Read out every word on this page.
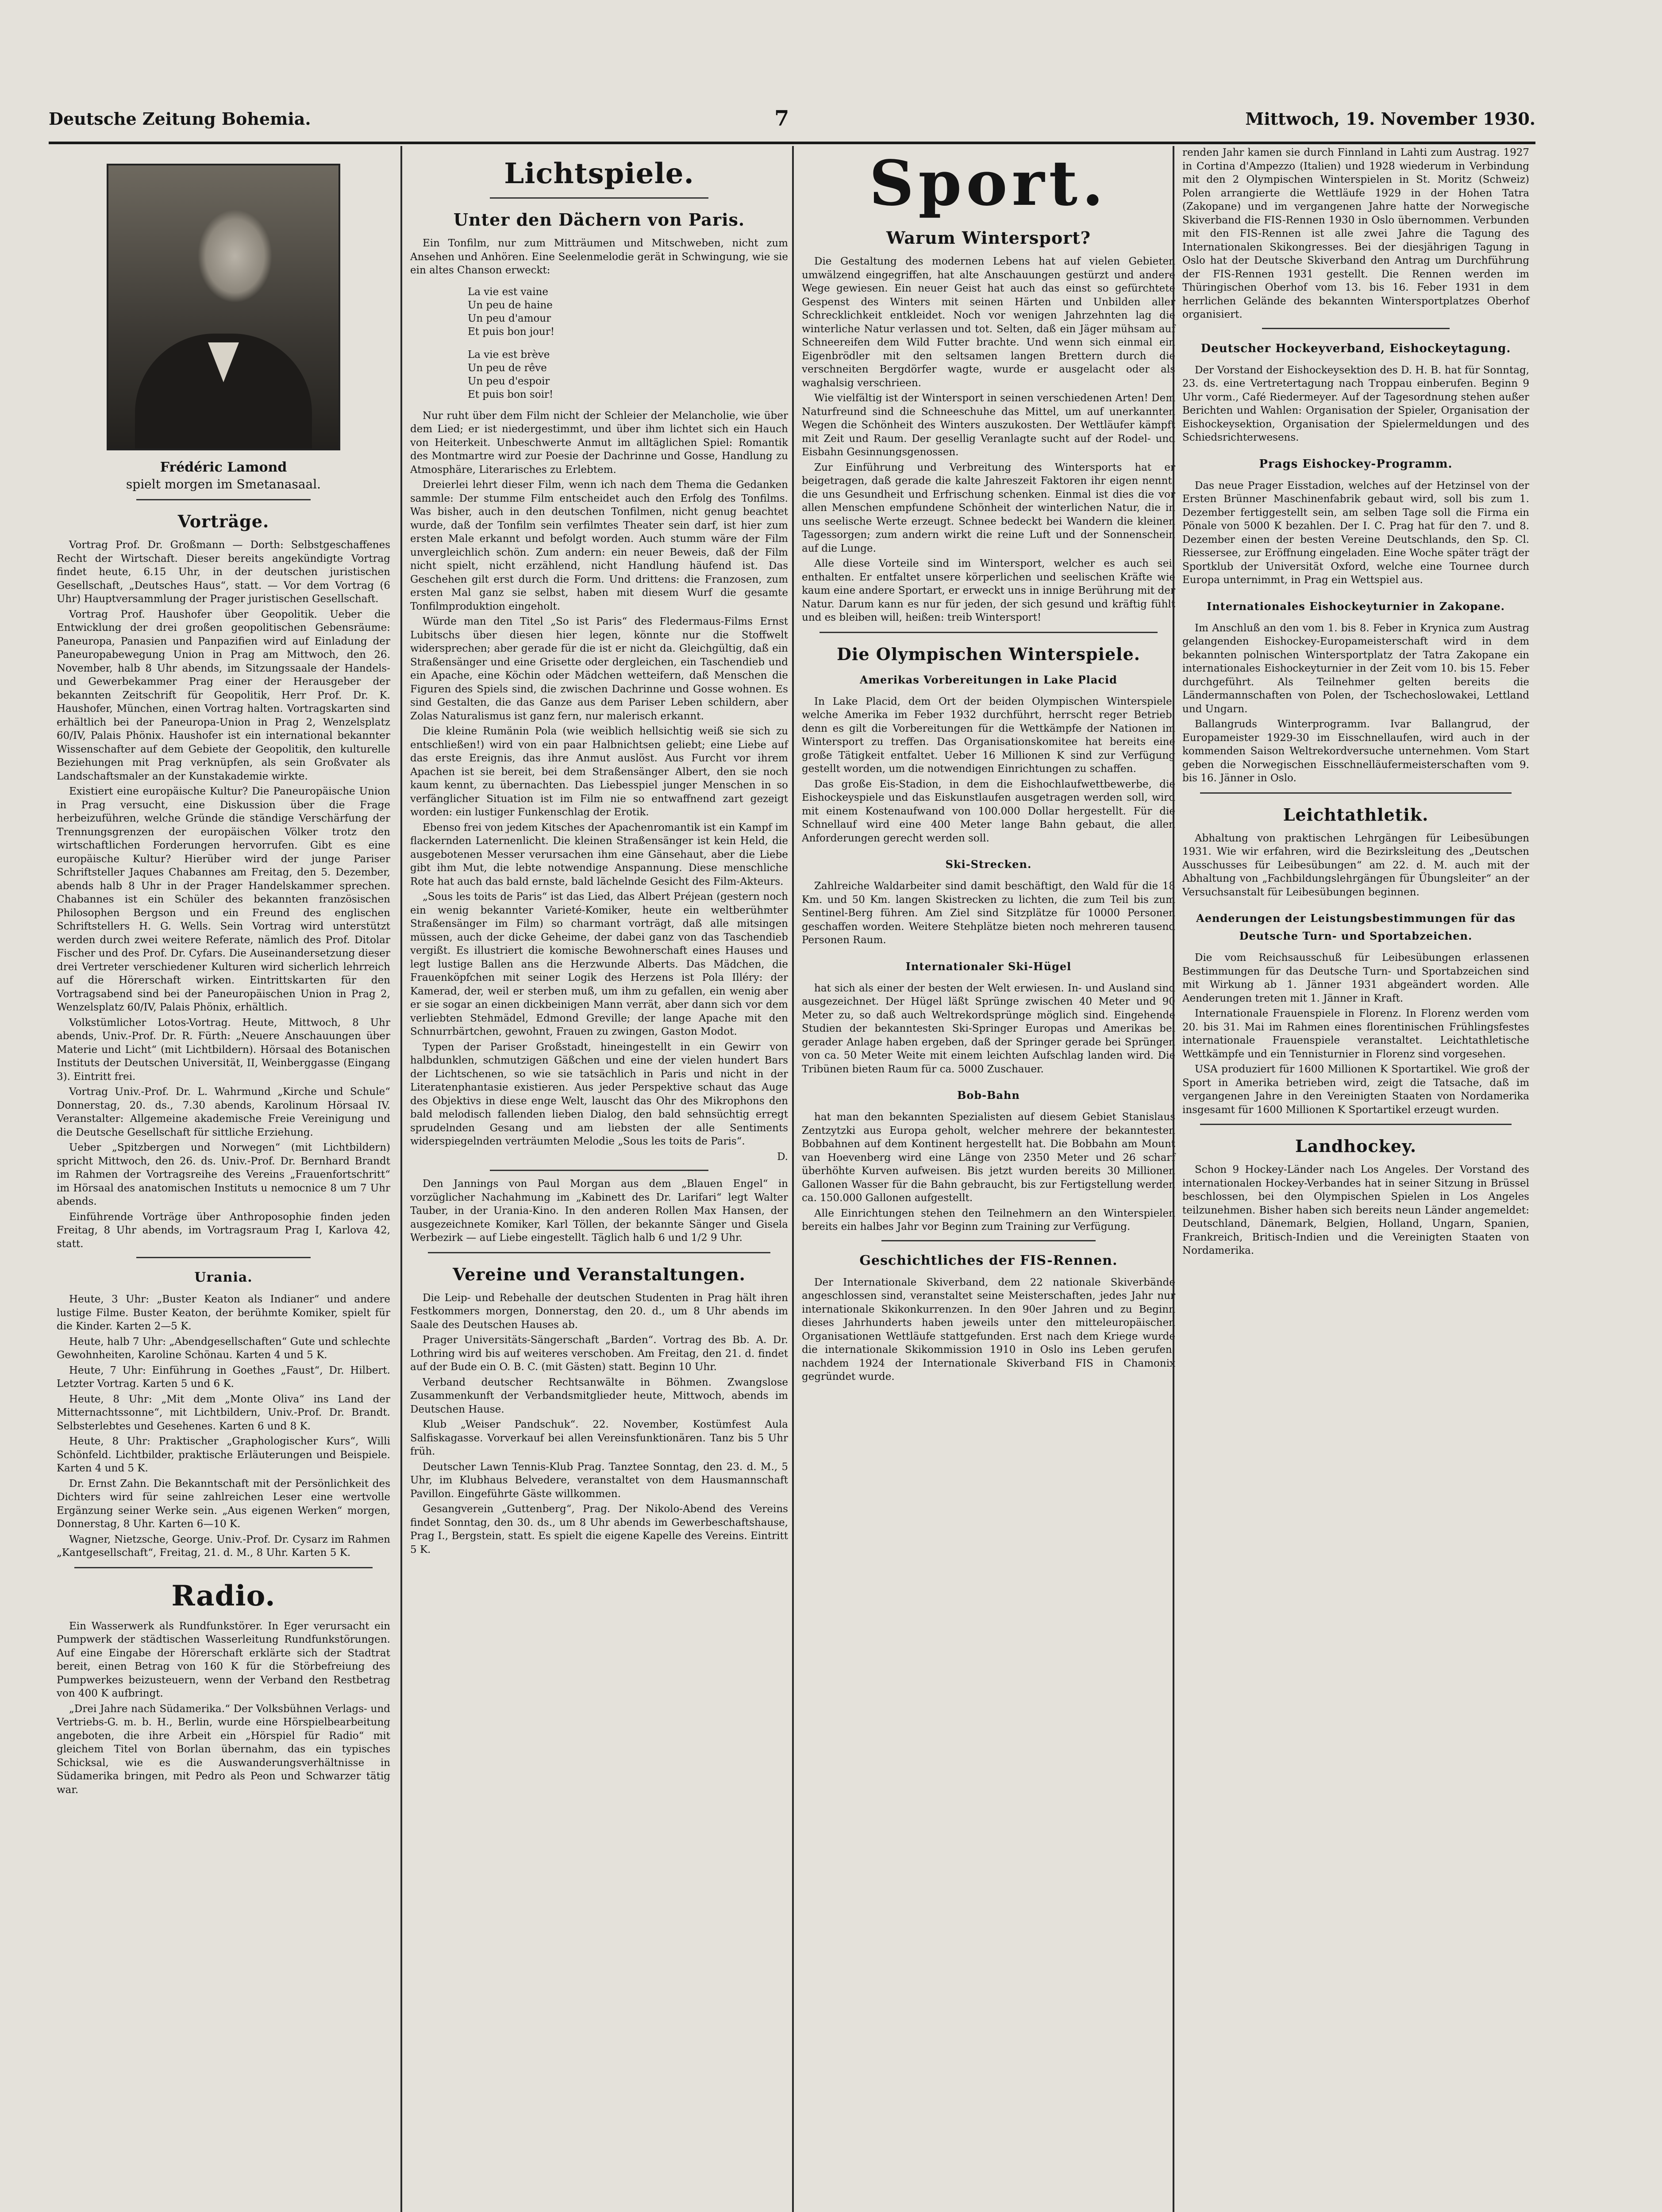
Deutsche Zeitung Bohemia.	7	Mittwoch, 19. November 1930.
Frédéric Lamond
spielt morgen im Smetanasaal.
Vorträge.

Vortrag Prof. Dr. Großmann — Dorth: Selbstgeschaffenes Recht der Wirtschaft. Dieser bereits angekündigte Vortrag findet heute, 6.15 Uhr, in der deutschen juristischen Gesellschaft, „Deutsches Haus“, statt. — Vor dem Vortrag (6 Uhr) Hauptversammlung der Prager juristischen Gesellschaft.

Vortrag Prof. Haushofer über Geopolitik. Ueber die Entwicklung der drei großen geopolitischen Gebensräume: Paneuropa, Panasien und Panpazifien wird auf Einladung der Paneuropabewegung Union in Prag am Mittwoch, den 26. November, halb 8 Uhr abends, im Sitzungssaale der Handels- und Gewerbekammer Prag einer der Herausgeber der bekannten Zeitschrift für Geopolitik, Herr Prof. Dr. K. Haushofer, München, einen Vortrag halten. Vortragskarten sind erhältlich bei der Paneuropa-Union in Prag 2, Wenzelsplatz 60/IV, Palais Phönix. Haushofer ist ein international bekannter Wissenschafter auf dem Gebiete der Geopolitik, den kulturelle Beziehungen mit Prag verknüpfen, als sein Großvater als Landschaftsmaler an der Kunstakademie wirkte.

Existiert eine europäische Kultur? Die Paneuropäische Union in Prag versucht, eine Diskussion über die Frage herbeizuführen, welche Gründe die ständige Verschärfung der Trennungsgrenzen der europäischen Völker trotz den wirtschaftlichen Forderungen hervorrufen. Gibt es eine europäische Kultur? Hierüber wird der junge Pariser Schriftsteller Jaques Chabannes am Freitag, den 5. Dezember, abends halb 8 Uhr in der Prager Handelskammer sprechen. Chabannes ist ein Schüler des bekannten französischen Philosophen Bergson und ein Freund des englischen Schriftstellers H. G. Wells. Sein Vortrag wird unterstützt werden durch zwei weitere Referate, nämlich des Prof. Ditolar Fischer und des Prof. Dr. Cyfars. Die Auseinandersetzung dieser drei Vertreter verschiedener Kulturen wird sicherlich lehrreich auf die Hörerschaft wirken. Eintrittskarten für den Vortragsabend sind bei der Paneuropäischen Union in Prag 2, Wenzelsplatz 60/IV, Palais Phönix, erhältlich.

Volkstümlicher Lotos-Vortrag. Heute, Mittwoch, 8 Uhr abends, Univ.-Prof. Dr. R. Fürth: „Neuere Anschauungen über Materie und Licht“ (mit Lichtbildern). Hörsaal des Botanischen Instituts der Deutschen Universität, II, Weinberggasse (Eingang 3). Eintritt frei.

Vortrag Univ.-Prof. Dr. L. Wahrmund „Kirche und Schule“ Donnerstag, 20. ds., 7.30 abends, Karolinum Hörsaal IV. Veranstalter: Allgemeine akademische Freie Vereinigung und die Deutsche Gesellschaft für sittliche Erziehung.

Ueber „Spitzbergen und Norwegen“ (mit Lichtbildern) spricht Mittwoch, den 26. ds. Univ.-Prof. Dr. Bernhard Brandt im Rahmen der Vortragsreihe des Vereins „Frauenfortschritt“ im Hörsaal des anatomischen Instituts u nemocnice 8 um 7 Uhr abends.

Einführende Vorträge über Anthroposophie finden jeden Freitag, 8 Uhr abends, im Vortragsraum Prag I, Karlova 42, statt.

Urania.

Heute, 3 Uhr: „Buster Keaton als Indianer“ und andere lustige Filme. Buster Keaton, der berühmte Komiker, spielt für die Kinder. Karten 2—5 K.

Heute, halb 7 Uhr: „Abendgesellschaften“ Gute und schlechte Gewohnheiten, Karoline Schönau. Karten 4 und 5 K.

Heute, 7 Uhr: Einführung in Goethes „Faust“, Dr. Hilbert. Letzter Vortrag. Karten 5 und 6 K.

Heute, 8 Uhr: „Mit dem „Monte Oliva“ ins Land der Mitternachtssonne“, mit Lichtbildern, Univ.-Prof. Dr. Brandt. Selbsterlebtes und Gesehenes. Karten 6 und 8 K.

Heute, 8 Uhr: Praktischer „Graphologischer Kurs“, Willi Schönfeld. Lichtbilder, praktische Erläuterungen und Beispiele. Karten 4 und 5 K.

Dr. Ernst Zahn. Die Bekanntschaft mit der Persönlichkeit des Dichters wird für seine zahlreichen Leser eine wertvolle Ergänzung seiner Werke sein. „Aus eigenen Werken“ morgen, Donnerstag, 8 Uhr. Karten 6—10 K.

Wagner, Nietzsche, George. Univ.-Prof. Dr. Cysarz im Rahmen „Kantgesellschaft“, Freitag, 21. d. M., 8 Uhr. Karten 5 K.

Radio.

Ein Wasserwerk als Rundfunkstörer. In Eger verursacht ein Pumpwerk der städtischen Wasserleitung Rundfunkstörungen. Auf eine Eingabe der Hörerschaft erklärte sich der Stadtrat bereit, einen Betrag von 160 K für die Störbefreiung des Pumpwerkes beizusteuern, wenn der Verband den Restbetrag von 400 K aufbringt.

„Drei Jahre nach Südamerika.“ Der Volksbühnen Verlags- und Vertriebs-G. m. b. H., Berlin, wurde eine Hörspielbearbeitung angeboten, die ihre Arbeit ein „Hörspiel für Radio“ mit gleichem Titel von Borlan übernahm, das ein typisches Schicksal, wie es die Auswanderungsverhältnisse in Südamerika bringen, mit Pedro als Peon und Schwarzer tätig war.

Lichtspiele.
Unter den Dächern von Paris.

Ein Tonfilm, nur zum Mitträumen und Mitschweben, nicht zum Ansehen und Anhören. Eine Seelenmelodie gerät in Schwingung, wie sie ein altes Chanson erweckt:

La vie est vaine
Un peu de haine
Un peu d'amour
Et puis bon jour!
La vie est brève
Un peu de rêve
Un peu d'espoir
Et puis bon soir!

Nur ruht über dem Film nicht der Schleier der Melancholie, wie über dem Lied; er ist niedergestimmt, und über ihm lichtet sich ein Hauch von Heiterkeit. Unbeschwerte Anmut im alltäglichen Spiel: Romantik des Montmartre wird zur Poesie der Dachrinne und Gosse, Handlung zu Atmosphäre, Literarisches zu Erlebtem.

Dreierlei lehrt dieser Film, wenn ich nach dem Thema die Gedanken sammle: Der stumme Film entscheidet auch den Erfolg des Tonfilms. Was bisher, auch in den deutschen Tonfilmen, nicht genug beachtet wurde, daß der Tonfilm sein verfilmtes Theater sein darf, ist hier zum ersten Male erkannt und befolgt worden. Auch stumm wäre der Film unvergleichlich schön. Zum andern: ein neuer Beweis, daß der Film nicht spielt, nicht erzählend, nicht Handlung häufend ist. Das Geschehen gilt erst durch die Form. Und drittens: die Franzosen, zum ersten Mal ganz sie selbst, haben mit diesem Wurf die gesamte Tonfilmproduktion eingeholt.

Würde man den Titel „So ist Paris“ des Fledermaus-Films Ernst Lubitschs über diesen hier legen, könnte nur die Stoffwelt widersprechen; aber gerade für die ist er nicht da. Gleichgültig, daß ein Straßensänger und eine Grisette oder dergleichen, ein Taschendieb und ein Apache, eine Köchin oder Mädchen wetteifern, daß Menschen die Figuren des Spiels sind, die zwischen Dachrinne und Gosse wohnen. Es sind Gestalten, die das Ganze aus dem Pariser Leben schildern, aber Zolas Naturalismus ist ganz fern, nur malerisch erkannt.

Die kleine Rumänin Pola (wie weiblich hellsichtig weiß sie sich zu entschließen!) wird von ein paar Halbnichtsen geliebt; eine Liebe auf das erste Ereignis, das ihre Anmut auslöst. Aus Furcht vor ihrem Apachen ist sie bereit, bei dem Straßensänger Albert, den sie noch kaum kennt, zu übernachten. Das Liebesspiel junger Menschen in so verfänglicher Situation ist im Film nie so entwaffnend zart gezeigt worden: ein lustiger Funkenschlag der Erotik.

Ebenso frei von jedem Kitsches der Apachenromantik ist ein Kampf im flackernden Laternenlicht. Die kleinen Straßensänger ist kein Held, die ausgebotenen Messer verursachen ihm eine Gänsehaut, aber die Liebe gibt ihm Mut, die lebte notwendige Anspannung. Diese menschliche Rote hat auch das bald ernste, bald lächelnde Gesicht des Film-Akteurs.

„Sous les toits de Paris“ ist das Lied, das Albert Préjean (gestern noch ein wenig bekannter Varieté-Komiker, heute ein weltberühmter Straßensänger im Film) so charmant vorträgt, daß alle mitsingen müssen, auch der dicke Geheime, der dabei ganz von das Taschendieb vergißt. Es illustriert die komische Bewohnerschaft eines Hauses und legt lustige Ballen ans die Herzwunde Alberts. Das Mädchen, die Frauenköpfchen mit seiner Logik des Herzens ist Pola Illéry: der Kamerad, der, weil er sterben muß, um ihm zu gefallen, ein wenig aber er sie sogar an einen dickbeinigen Mann verrät, aber dann sich vor dem verliebten Stehmädel, Edmond Greville; der lange Apache mit den Schnurrbärtchen, gewohnt, Frauen zu zwingen, Gaston Modot.

Typen der Pariser Großstadt, hineingestellt in ein Gewirr von halbdunklen, schmutzigen Gäßchen und eine der vielen hundert Bars der Lichtschenen, so wie sie tatsächlich in Paris und nicht in der Literatenphantasie existieren. Aus jeder Perspektive schaut das Auge des Objektivs in diese enge Welt, lauscht das Ohr des Mikrophons den bald melodisch fallenden lieben Dialog, den bald sehnsüchtig erregt sprudelnden Gesang und am liebsten der alle Sentiments widerspiegelnden verträumten Melodie „Sous les toits de Paris“.

D.

Den Jannings von Paul Morgan aus dem „Blauen Engel“ in vorzüglicher Nachahmung im „Kabinett des Dr. Larifari“ legt Walter Tauber, in der Urania-Kino. In den anderen Rollen Max Hansen, der ausgezeichnete Komiker, Karl Töllen, der bekannte Sänger und Gisela Werbezirk — auf Liebe eingestellt. Täglich halb 6 und 1/2 9 Uhr.

Vereine und Veranstaltungen.

Die Leip- und Rebehalle der deutschen Studenten in Prag hält ihren Festkommers morgen, Donnerstag, den 20. d., um 8 Uhr abends im Saale des Deutschen Hauses ab.

Prager Universitäts-Sängerschaft „Barden“. Vortrag des Bb. A. Dr. Lothring wird bis auf weiteres verschoben. Am Freitag, den 21. d. findet auf der Bude ein O. B. C. (mit Gästen) statt. Beginn 10 Uhr.

Verband deutscher Rechtsanwälte in Böhmen. Zwangslose Zusammenkunft der Verbandsmitglieder heute, Mittwoch, abends im Deutschen Hause.

Klub „Weiser Pandschuk“. 22. November, Kostümfest Aula Salfiskagasse. Vorverkauf bei allen Vereinsfunktionären. Tanz bis 5 Uhr früh.

Deutscher Lawn Tennis-Klub Prag. Tanztee Sonntag, den 23. d. M., 5 Uhr, im Klubhaus Belvedere, veranstaltet von dem Hausmannschaft Pavillon. Eingeführte Gäste willkommen.

Gesangverein „Guttenberg“, Prag. Der Nikolo-Abend des Vereins findet Sonntag, den 30. ds., um 8 Uhr abends im Gewerbeschaftshause, Prag I., Bergstein, statt. Es spielt die eigene Kapelle des Vereins. Eintritt 5 K.

Sport.
Warum Wintersport?

Die Gestaltung des modernen Lebens hat auf vielen Gebieten umwälzend eingegriffen, hat alte Anschauungen gestürzt und andere Wege gewiesen. Ein neuer Geist hat auch das einst so gefürchtete Gespenst des Winters mit seinen Härten und Unbilden aller Schrecklichkeit entkleidet. Noch vor wenigen Jahrzehnten lag die winterliche Natur verlassen und tot. Selten, daß ein Jäger mühsam auf Schneereifen dem Wild Futter brachte. Und wenn sich einmal ein Eigenbrödler mit den seltsamen langen Brettern durch die verschneiten Bergdörfer wagte, wurde er ausgelacht oder als waghalsig verschrieen.

Wie vielfältig ist der Wintersport in seinen verschiedenen Arten! Dem Naturfreund sind die Schneeschuhe das Mittel, um auf unerkannten Wegen die Schönheit des Winters auszukosten. Der Wettläufer kämpft mit Zeit und Raum. Der gesellig Veranlagte sucht auf der Rodel- und Eisbahn Gesinnungsgenossen.

Zur Einführung und Verbreitung des Wintersports hat er beigetragen, daß gerade die kalte Jahreszeit Faktoren ihr eigen nennt, die uns Gesundheit und Erfrischung schenken. Einmal ist dies die vor allen Menschen empfundene Schönheit der winterlichen Natur, die in uns seelische Werte erzeugt. Schnee bedeckt bei Wandern die kleinen Tagessorgen; zum andern wirkt die reine Luft und der Sonnenschein auf die Lunge.

Alle diese Vorteile sind im Wintersport, welcher es auch sei, enthalten. Er entfaltet unsere körperlichen und seelischen Kräfte wie kaum eine andere Sportart, er erweckt uns in innige Berührung mit der Natur. Darum kann es nur für jeden, der sich gesund und kräftig fühlt und es bleiben will, heißen: treib Wintersport!

Die Olympischen Winterspiele.
Amerikas Vorbereitungen in Lake Placid

In Lake Placid, dem Ort der beiden Olympischen Winterspiele, welche Amerika im Feber 1932 durchführt, herrscht reger Betrieb, denn es gilt die Vorbereitungen für die Wettkämpfe der Nationen im Wintersport zu treffen. Das Organisationskomitee hat bereits eine große Tätigkeit entfaltet. Ueber 16 Millionen K sind zur Verfügung gestellt worden, um die notwendigen Einrichtungen zu schaffen.

Das große Eis-Stadion, in dem die Eishochlaufwettbewerbe, die Eishockeyspiele und das Eiskunstlaufen ausgetragen werden soll, wird mit einem Kostenaufwand von 100.000 Dollar hergestellt. Für die Schnellauf wird eine 400 Meter lange Bahn gebaut, die allen Anforderungen gerecht werden soll.

Ski-Strecken.

Zahlreiche Waldarbeiter sind damit beschäftigt, den Wald für die 18 Km. und 50 Km. langen Skistrecken zu lichten, die zum Teil bis zum Sentinel-Berg führen. Am Ziel sind Sitzplätze für 10000 Personen geschaffen worden. Weitere Stehplätze bieten noch mehreren tausend Personen Raum.

Internationaler Ski-Hügel

hat sich als einer der besten der Welt erwiesen. In- und Ausland sind ausgezeichnet. Der Hügel läßt Sprünge zwischen 40 Meter und 90 Meter zu, so daß auch Weltrekordsprünge möglich sind. Eingehende Studien der bekanntesten Ski-Springer Europas und Amerikas bei gerader Anlage haben ergeben, daß der Springer gerade bei Sprüngen von ca. 50 Meter Weite mit einem leichten Aufschlag landen wird. Die Tribünen bieten Raum für ca. 5000 Zuschauer.

Bob-Bahn

hat man den bekannten Spezialisten auf diesem Gebiet Stanislaus Zentzytzki aus Europa geholt, welcher mehrere der bekanntesten Bobbahnen auf dem Kontinent hergestellt hat. Die Bobbahn am Mount van Hoevenberg wird eine Länge von 2350 Meter und 26 scharf überhöhte Kurven aufweisen. Bis jetzt wurden bereits 30 Millionen Gallonen Wasser für die Bahn gebraucht, bis zur Fertigstellung werden ca. 150.000 Gallonen aufgestellt.

Alle Einrichtungen stehen den Teilnehmern an den Winterspielen bereits ein halbes Jahr vor Beginn zum Training zur Verfügung.

Geschichtliches der FIS-Rennen.

Der Internationale Skiverband, dem 22 nationale Skiverbände angeschlossen sind, veranstaltet seine Meisterschaften, jedes Jahr nur internationale Skikonkurrenzen. In den 90er Jahren und zu Beginn dieses Jahrhunderts haben jeweils unter den mitteleuropäischen Organisationen Wettläufe stattgefunden. Erst nach dem Kriege wurde die internationale Skikommission 1910 in Oslo ins Leben gerufen, nachdem 1924 der Internationale Skiverband FIS in Chamonix gegründet wurde.

renden Jahr kamen sie durch Finnland in Lahti zum Austrag. 1927 in Cortina d'Ampezzo (Italien) und 1928 wiederum in Verbindung mit den 2 Olympischen Winterspielen in St. Moritz (Schweiz) Polen arrangierte die Wettläufe 1929 in der Hohen Tatra (Zakopane) und im vergangenen Jahre hatte der Norwegische Skiverband die FIS-Rennen 1930 in Oslo übernommen. Verbunden mit den FIS-Rennen ist alle zwei Jahre die Tagung des Internationalen Skikongresses. Bei der diesjährigen Tagung in Oslo hat der Deutsche Skiverband den Antrag um Durchführung der FIS-Rennen 1931 gestellt. Die Rennen werden im Thüringischen Oberhof vom 13. bis 16. Feber 1931 in dem herrlichen Gelände des bekannten Wintersportplatzes Oberhof organisiert.

Deutscher Hockeyverband, Eishockeytagung.

Der Vorstand der Eishockeysektion des D. H. B. hat für Sonntag, 23. ds. eine Vertretertagung nach Troppau einberufen. Beginn 9 Uhr vorm., Café Riedermeyer. Auf der Tagesordnung stehen außer Berichten und Wahlen: Organisation der Spieler, Organisation der Eishockeysektion, Organisation der Spielermeldungen und des Schiedsrichterwesens.

Prags Eishockey-Programm.

Das neue Prager Eisstadion, welches auf der Hetzinsel von der Ersten Brünner Maschinenfabrik gebaut wird, soll bis zum 1. Dezember fertiggestellt sein, am selben Tage soll die Firma ein Pönale von 5000 K bezahlen. Der I. C. Prag hat für den 7. und 8. Dezember einen der besten Vereine Deutschlands, den Sp. Cl. Riessersee, zur Eröffnung eingeladen. Eine Woche später trägt der Sportklub der Universität Oxford, welche eine Tournee durch Europa unternimmt, in Prag ein Wettspiel aus.

Internationales Eishockeyturnier in Zakopane.

Im Anschluß an den vom 1. bis 8. Feber in Krynica zum Austrag gelangenden Eishockey-Europameisterschaft wird in dem bekannten polnischen Wintersportplatz der Tatra Zakopane ein internationales Eishockeyturnier in der Zeit vom 10. bis 15. Feber durchgeführt. Als Teilnehmer gelten bereits die Ländermannschaften von Polen, der Tschechoslowakei, Lettland und Ungarn.

Ballangruds Winterprogramm. Ivar Ballangrud, der Europameister 1929-30 im Eisschnellaufen, wird auch in der kommenden Saison Weltrekordversuche unternehmen. Vom Start geben die Norwegischen Eisschnelläufermeisterschaften vom 9. bis 16. Jänner in Oslo.

Leichtathletik.

Abhaltung von praktischen Lehrgängen für Leibesübungen 1931. Wie wir erfahren, wird die Bezirksleitung des „Deutschen Ausschusses für Leibesübungen“ am 22. d. M. auch mit der Abhaltung von „Fachbildungslehrgängen für Übungsleiter“ an der Versuchsanstalt für Leibesübungen beginnen.

Aenderungen der Leistungsbestimmungen für das Deutsche Turn- und Sportabzeichen.

Die vom Reichsausschuß für Leibesübungen erlassenen Bestimmungen für das Deutsche Turn- und Sportabzeichen sind mit Wirkung ab 1. Jänner 1931 abgeändert worden. Alle Aenderungen treten mit 1. Jänner in Kraft.

Internationale Frauenspiele in Florenz. In Florenz werden vom 20. bis 31. Mai im Rahmen eines florentinischen Frühlingsfestes internationale Frauenspiele veranstaltet. Leichtathletische Wettkämpfe und ein Tennisturnier in Florenz sind vorgesehen.

USA produziert für 1600 Millionen K Sportartikel. Wie groß der Sport in Amerika betrieben wird, zeigt die Tatsache, daß im vergangenen Jahre in den Vereinigten Staaten von Nordamerika insgesamt für 1600 Millionen K Sportartikel erzeugt wurden.

Landhockey.

Schon 9 Hockey-Länder nach Los Angeles. Der Vorstand des internationalen Hockey-Verbandes hat in seiner Sitzung in Brüssel beschlossen, bei den Olympischen Spielen in Los Angeles teilzunehmen. Bisher haben sich bereits neun Länder angemeldet: Deutschland, Dänemark, Belgien, Holland, Ungarn, Spanien, Frankreich, Britisch-Indien und die Vereinigten Staaten von Nordamerika.
